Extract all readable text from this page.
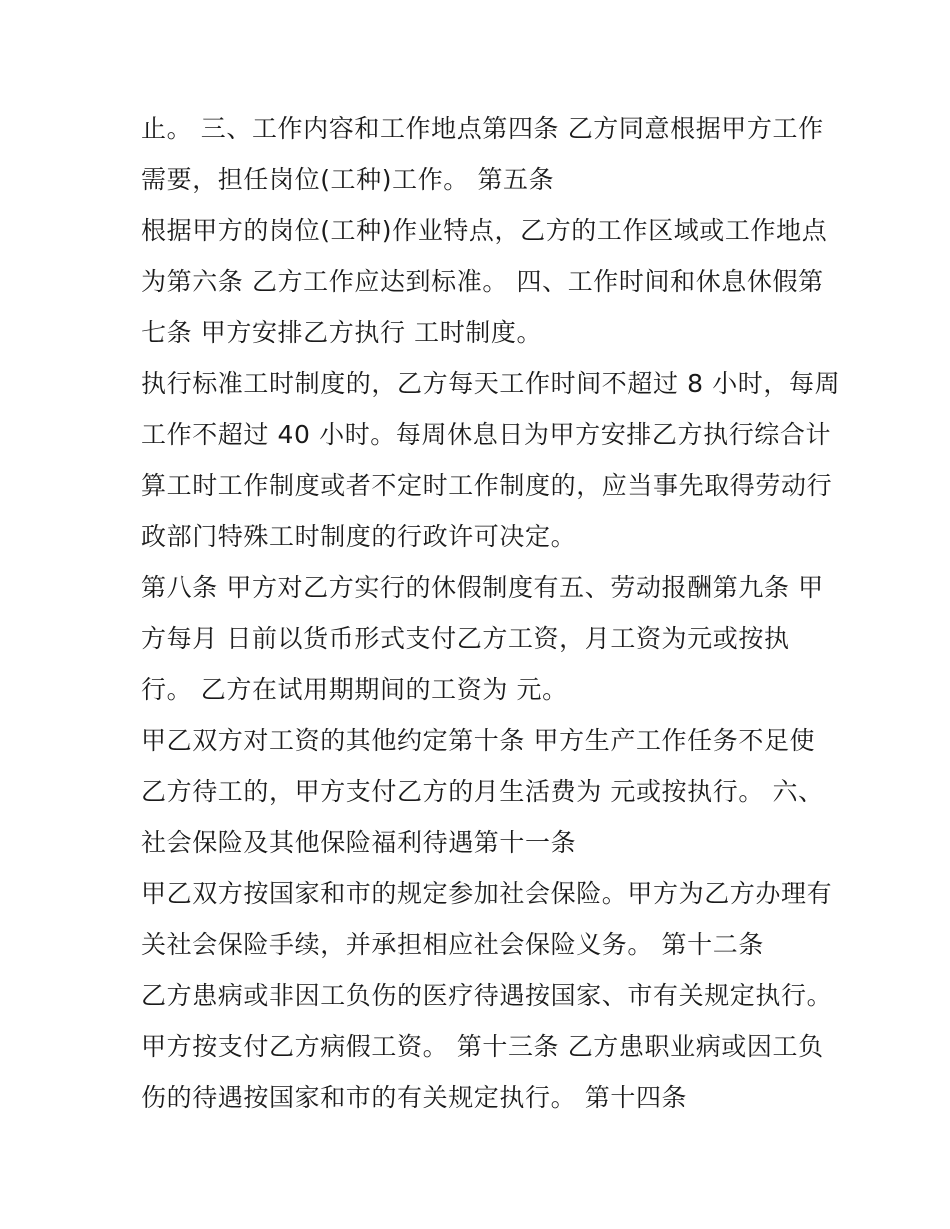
止。 三、工作内容和工作地点第四条 乙方同意根据甲方工作
需要，担任岗位(工种)工作。 第五条
根据甲方的岗位(工种)作业特点，乙方的工作区域或工作地点
为第六条 乙方工作应达到标准。 四、工作时间和休息休假第
七条 甲方安排乙方执行 工时制度。
执行标准工时制度的，乙方每天工作时间不超过 8 小时，每周
工作不超过 40 小时。每周休息日为甲方安排乙方执行综合计
算工时工作制度或者不定时工作制度的，应当事先取得劳动行
政部门特殊工时制度的行政许可决定。
第八条 甲方对乙方实行的休假制度有五、劳动报酬第九条 甲
方每月 日前以货币形式支付乙方工资，月工资为元或按执
行。 乙方在试用期期间的工资为 元。
甲乙双方对工资的其他约定第十条 甲方生产工作任务不足使
乙方待工的，甲方支付乙方的月生活费为 元或按执行。 六、
社会保险及其他保险福利待遇第十一条
甲乙双方按国家和市的规定参加社会保险。甲方为乙方办理有
关社会保险手续，并承担相应社会保险义务。 第十二条
乙方患病或非因工负伤的医疗待遇按国家、市有关规定执行。
甲方按支付乙方病假工资。 第十三条 乙方患职业病或因工负
伤的待遇按国家和市的有关规定执行。 第十四条
